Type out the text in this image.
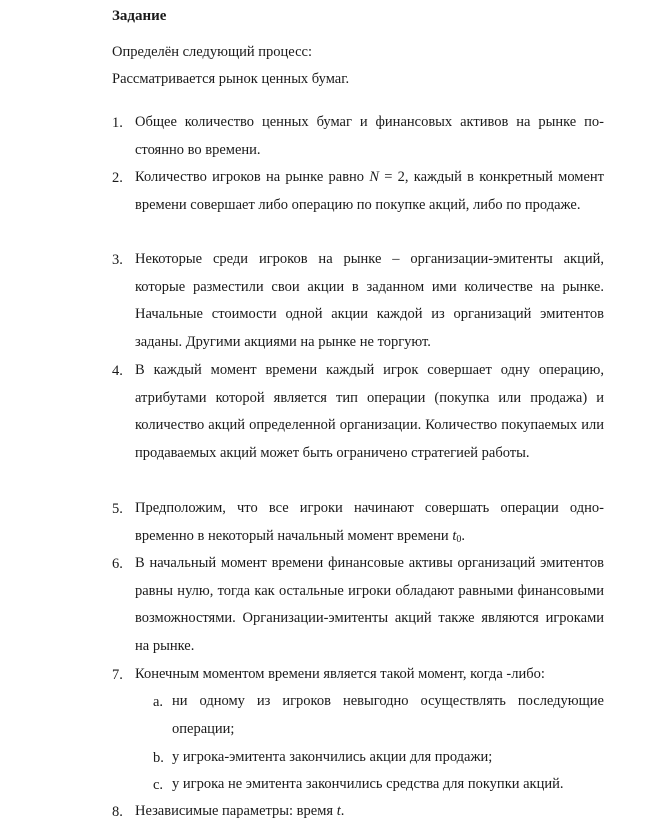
Задание
Определён следующий процесс:
Рассматривается рынок ценных бумаг.
1. Общее количество ценных бумаг и финансовых активов на рынке постоянно во времени.
2. Количество игроков на рынке равно N = 2, каждый в конкретный момент времени совершает либо операцию по покупке акций, либо по продаже.
3. Некоторые среди игроков на рынке – организации-эмитенты акций, которые разместили свои акции в заданном ими количестве на рынке. Начальные стоимости одной акции каждой из организаций эмитентов заданы. Другими акциями на рынке не торгуют.
4. В каждый момент времени каждый игрок совершает одну операцию, атрибутами которой является тип операции (покупка или продажа) и количество акций определенной организации. Количество покупаемых или продаваемых акций может быть ограничено стратегией работы.
5. Предположим, что все игроки начинают совершать операции одновременно в некоторый начальный момент времени $t_0$.
6. В начальный момент времени финансовые активы организаций эмитентов равны нулю, тогда как остальные игроки обладают равными финансовыми возможностями. Организации-эмитенты акций также являются игроками на рынке.
7. Конечным моментом времени является такой момент, когда -либо:
a. ни одному из игроков невыгодно осуществлять последующие операции;
b. у игрока-эмитента закончились акции для продажи;
c. у игрока не эмитента закончились средства для покупки акций.
8. Независимые параметры: время t.
